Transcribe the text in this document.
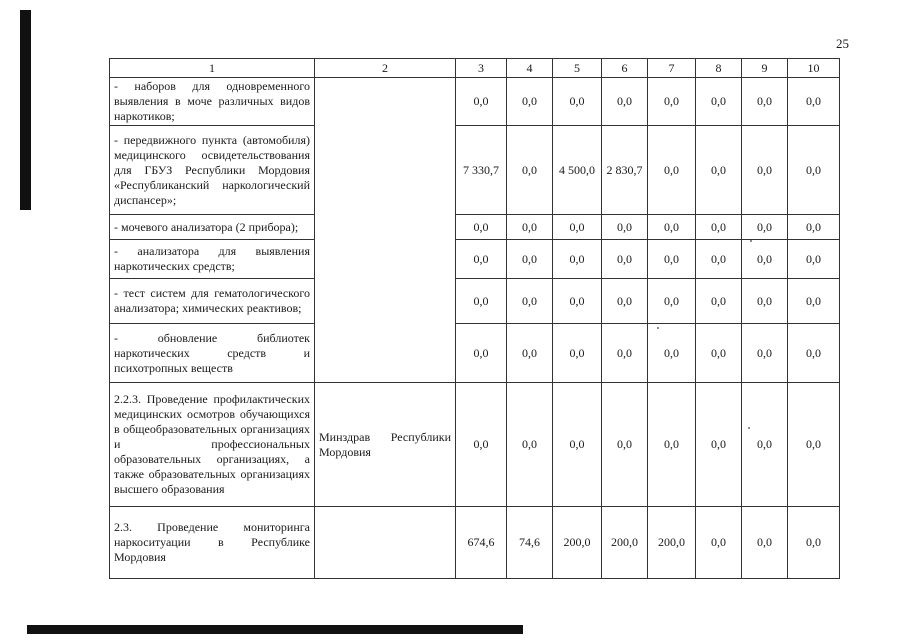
25
1	2	3	4	5	6	7	8	9	10
- наборов для одновременного выявления в моче различных видов наркотиков;		0,0	0,0	0,0	0,0	0,0	0,0	0,0	0,0
- передвижного пункта (автомобиля) медицинского освидетельствования для ГБУЗ Республики Мордовия «Республиканский наркологический диспансер»;		7 330,7	0,0	4 500,0	2 830,7	0,0	0,0	0,0	0,0
- мочевого анализатора (2 прибора);		0,0	0,0	0,0	0,0	0,0	0,0	0,0	0,0
- анализатора для выявления наркотических средств;		0,0	0,0	0,0	0,0	0,0	0,0	0,0	0,0
- тест систем для гематологического анализатора; химических реактивов;		0,0	0,0	0,0	0,0	0,0	0,0	0,0	0,0
- обновление библиотек наркотических средств и психотропных веществ		0,0	0,0	0,0	0,0	0,0	0,0	0,0	0,0
2.2.3. Проведение профилактических медицинских осмотров обучающихся в общеобразовательных организациях и профессиональных образовательных организациях, а также образовательных организациях высшего образования	Минздрав Республики Мордовия	0,0	0,0	0,0	0,0	0,0	0,0	0,0	0,0
2.3. Проведение мониторинга наркоситуации в Республике Мордовия		674,6	74,6	200,0	200,0	200,0	0,0	0,0	0,0
